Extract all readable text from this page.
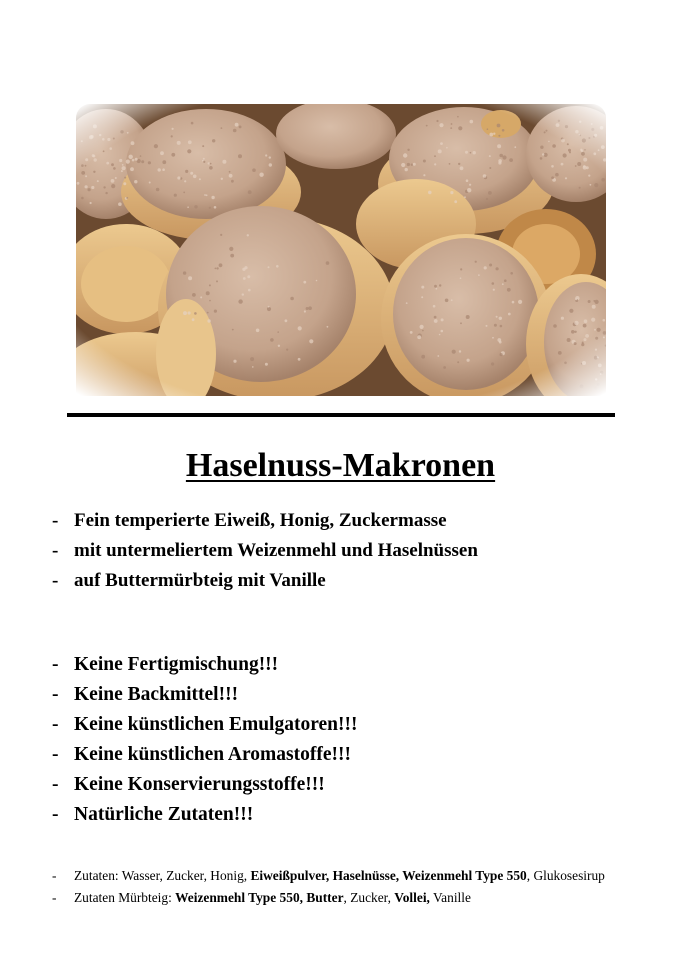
Haselnuss-Makronen
- Fein temperierte Eiweiß, Honig, Zuckermasse
- mit untermeliertem Weizenmehl und Haselnüssen
- auf Buttermürbteig mit Vanille
- Keine Fertigmischung!!!
- Keine Backmittel!!!
- Keine künstlichen Emulgatoren!!!
- Keine künstlichen Aromastoffe!!!
- Keine Konservierungsstoffe!!!
- Natürliche Zutaten!!!
- Zutaten: Wasser, Zucker, Honig, Eiweißpulver, Haselnüsse, Weizenmehl Type 550, Glukosesirup
- Zutaten Mürbteig: Weizenmehl Type 550, Butter, Zucker, Vollei, Vanille
